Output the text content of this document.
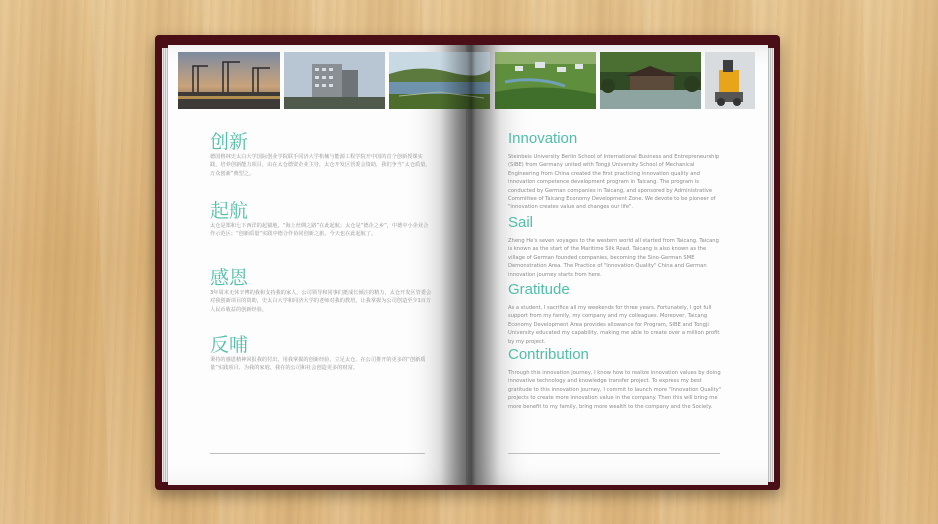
创新

德国格林史太白大学国际创业学院联手同济大学机械与能源工程学院开中国的首个创新授课实践，培养创新能力项目，由在太仓德资企业主导，太仓开发区管委会资助，我们争当“太仓质量，万众创新”典型之。

起航

太仓是郑和七下西洋的起锚地，“海上丝绸之路”在此起航；太仓是“德企之乡”，中德中小企业合作示范区；“创新质量“实践中德合作协同创新之旅，今天也在此起航了。

感恩

3年周末无休辛博的我和支持我的家人，公司领导和同事们挺成长倾注的精力，太仓开发区管委会对我创新项目的资助，史太白大学和同济大学的老师对我的教培。让我掌握为公司创造至少1百万人民币收益的创新经验。

反哺

秉持的感恩精神回报我的付出，用我掌握的创新经验，立足太仓，在公司推开的更多的“创新质量”实践项目，为我的家庭、我在的公司和社会创造更多的财富。

Innovation

Steinbeis University Berlin School of International Business and Entrepreneurship (SIBE) from Germany united with Tongji University School of Mechanical Engineering from China created the first practicing innovation quality and innovation competence development program in Taicang. The program is conducted by German companies in Taicang, and sponsored by Administrative Committee of Taicang Economy Development Zone. We devote to be pioneer of "innovation creates value and changes our life".

Sail

Zheng He's seven voyages to the western world all started from Taicang. Taicang is known as the start of the Maritime Silk Road. Taicang is also known as the village of German founded companies, becoming the Sino-German SME Demonstration Area. The Practice of "Innovation Quality" China and German innovation journey starts from here.

Gratitude

As a student, I sacrifice all my weekends for three years. Fortunately, I got full support from my family, my company and my colleagues. Moreover, Taicang Economy Development Area provides allowance for Program, SIBE and Tongji University educated my capability, making me able to create over a million profit by my project.

Contribution

Through this innovation journey, I know how to realize innovation values by doing innovative technology and knowledge transfer project. To express my best gratitude to this innovation journey, I commit to launch more "Innovation Quality" projects to create more innovation value in the company. Then this will bring me more benefit to my family, bring more wealth to the company and the Society.
